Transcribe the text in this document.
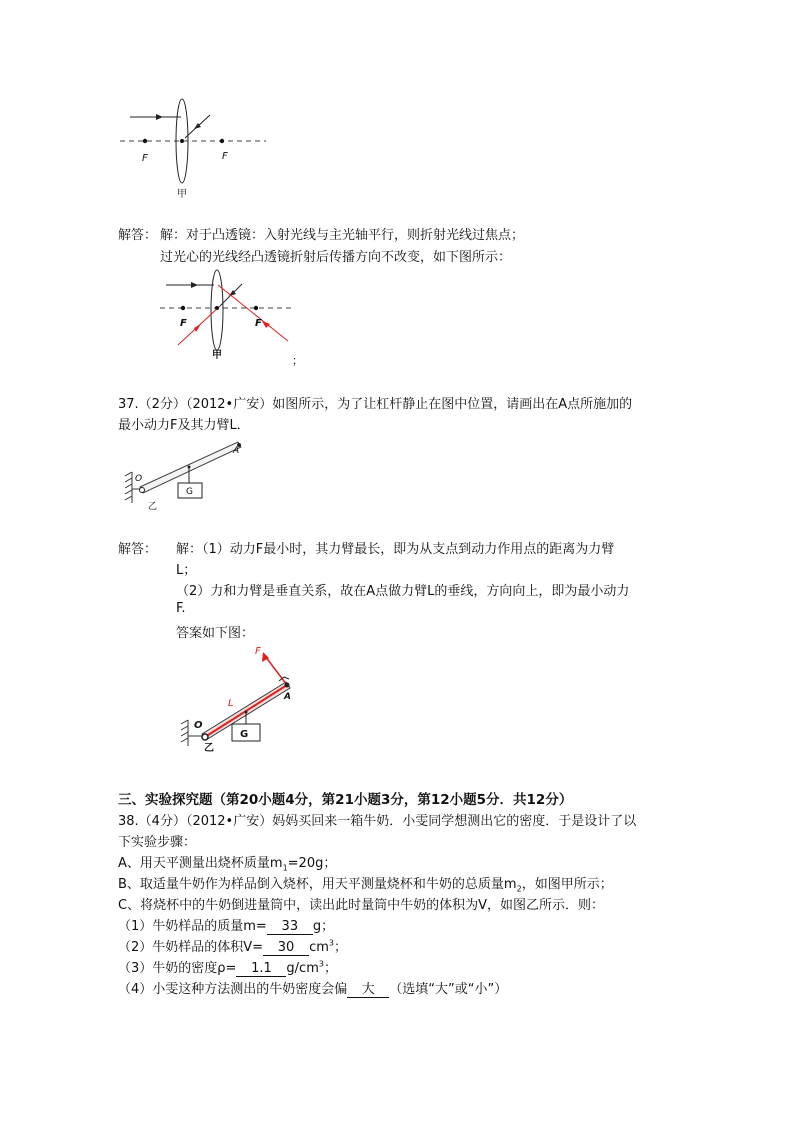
F	F
甲
解答： 解：对于凸透镜：入射光线与主光轴平行，则折射光线过焦点；
过光心的光线经凸透镜折射后传播方向不改变，如下图所示：
F	F
甲	；
37.（2分）（2012•广安）如图所示，为了让杠杆静止在图中位置，请画出在A点所施加的
最小动力F及其力臂L．
G
O
A
乙
解答： 解：（1）动力F最小时，其力臂最长，即为从支点到动力作用点的距离为力臂
L；
（2）力和力臂是垂直关系，故在A点做力臂L的垂线，方向向上，即为最小动力
F.
答案如下图：
G
F
L
O
A
乙
三、实验探究题（第20小题4分，第21小题3分，第12小题5分．共12分）
38.（4分）（2012•广安）妈妈买回来一箱牛奶．小雯同学想测出它的密度．于是设计了以
下实验步骤：
A、用天平测量出烧杯质量$m_1=20g$；
B、取适量牛奶作为样品倒入烧杯，用天平测量烧杯和牛奶的总质量$m_2$，如图甲所示；
C、将烧杯中的牛奶倒进量筒中，读出此时量筒中牛奶的体积为V，如图乙所示．则：
（1）牛奶样品的质量m= 33 g；
（2）牛奶样品的体积V= 30 $cm^3$；
（3）牛奶的密度ρ= 1.1 $g/cm^3$；
（4）小雯这种方法测出的牛奶密度会偏 大 （选填“大”或“小”）
